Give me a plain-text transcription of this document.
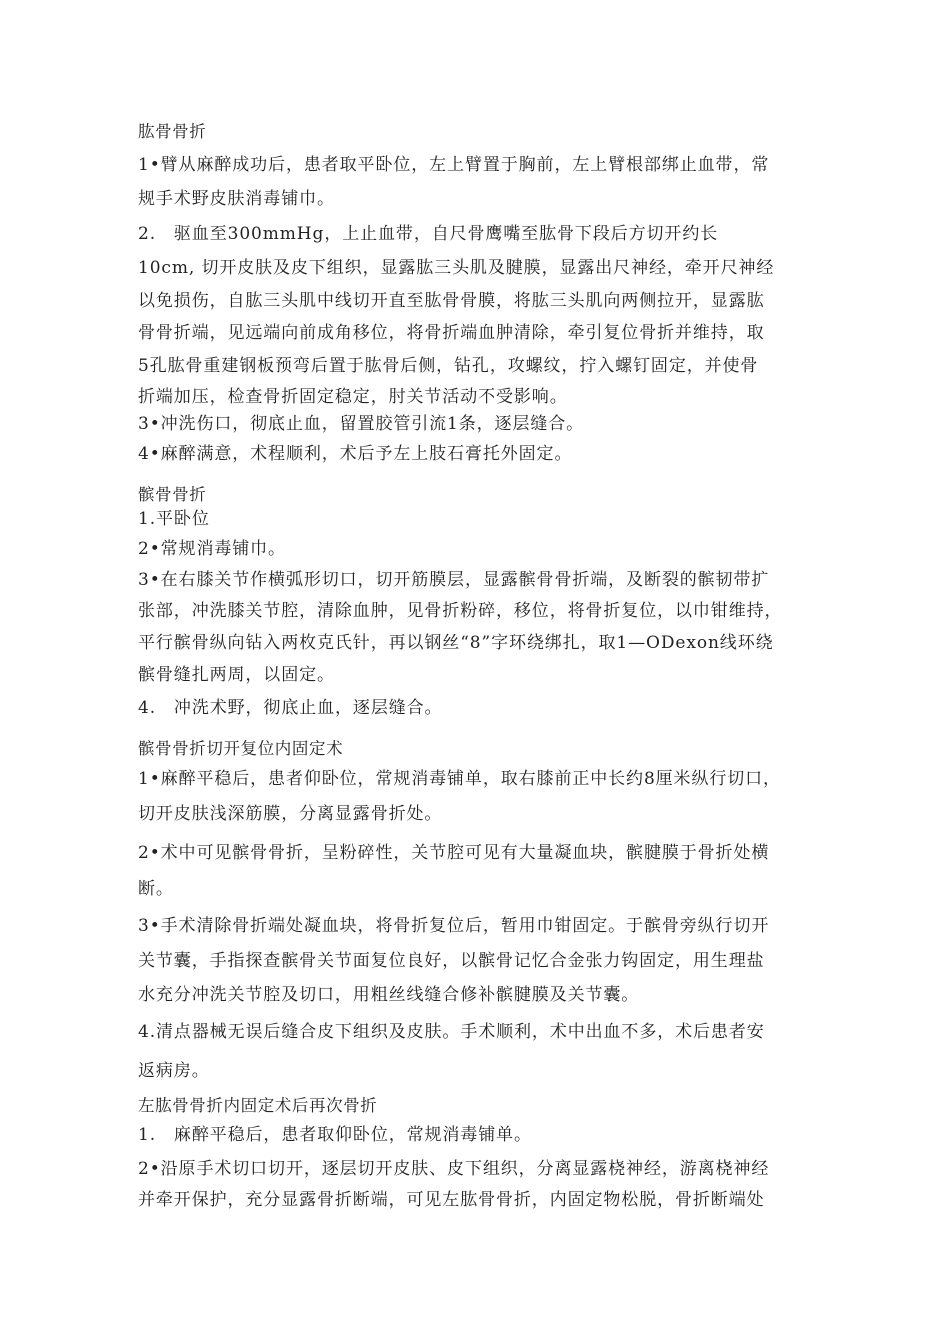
肱骨骨折
1•臂从麻醉成功后，患者取平卧位，左上臂置于胸前，左上臂根部绑止血带，常
规手术野皮肤消毒铺巾。
2.　驱血至300mmHg，上止血带，自尺骨鹰嘴至肱骨下段后方切开约长
10cm, 切开皮肤及皮下组织，显露肱三头肌及腱膜，显露出尺神经，牵开尺神经
以免损伤，自肱三头肌中线切开直至肱骨骨膜，将肱三头肌向两侧拉开，显露肱
骨骨折端，见远端向前成角移位，将骨折端血肿清除，牵引复位骨折并维持，取
5孔肱骨重建钢板预弯后置于肱骨后侧，钻孔，攻螺纹，拧入螺钉固定，并使骨
折端加压，检查骨折固定稳定，肘关节活动不受影响。
3•冲洗伤口，彻底止血，留置胶管引流1条，逐层缝合。
4•麻醉满意，术程顺利，术后予左上肢石膏托外固定。
髌骨骨折
1.平卧位
2•常规消毒铺巾。
3•在右膝关节作横弧形切口，切开筋膜层，显露髌骨骨折端，及断裂的髌韧带扩
张部，冲洗膝关节腔，清除血肿，见骨折粉碎，移位，将骨折复位，以巾钳维持，
平行髌骨纵向钻入两枚克氏针，再以钢丝“8”字环绕绑扎，取1—ODexon线环绕
髌骨缝扎两周，以固定。
4.　冲洗术野，彻底止血，逐层缝合。
髌骨骨折切开复位内固定术
1•麻醉平稳后，患者仰卧位，常规消毒铺单，取右膝前正中长约8厘米纵行切口，
切开皮肤浅深筋膜，分离显露骨折处。
2•术中可见髌骨骨折，呈粉碎性，关节腔可见有大量凝血块，髌腱膜于骨折处横
断。
3•手术清除骨折端处凝血块，将骨折复位后，暂用巾钳固定。于髌骨旁纵行切开
关节囊，手指探查髌骨关节面复位良好，以髌骨记忆合金张力钩固定，用生理盐
水充分冲洗关节腔及切口，用粗丝线缝合修补髌腱膜及关节囊。
4.清点器械无误后缝合皮下组织及皮肤。手术顺利，术中出血不多，术后患者安
返病房。
左肱骨骨折内固定术后再次骨折
1.　麻醉平稳后，患者取仰卧位，常规消毒铺单。
2•沿原手术切口切开，逐层切开皮肤、皮下组织，分离显露桡神经，游离桡神经
并牵开保护，充分显露骨折断端，可见左肱骨骨折，内固定物松脱，骨折断端处
